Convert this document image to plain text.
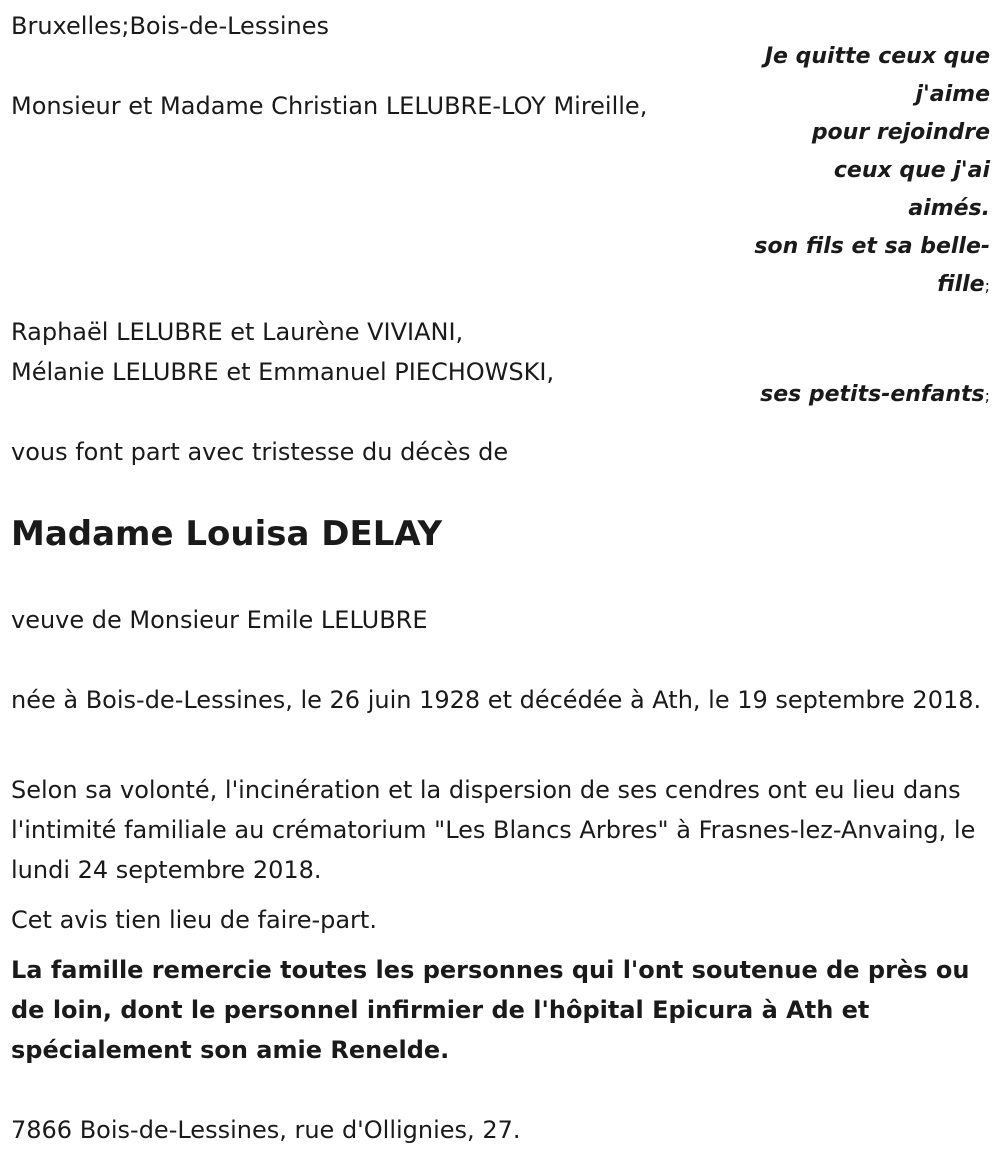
Bruxelles;Bois-de-Lessines

Je quitte ceux que
j'aime
pour rejoindre
ceux que j'ai
aimés.
son fils et sa belle-
fille;

Monsieur et Madame Christian LELUBRE-LOY Mireille,

Raphaël LELUBRE et Laurène VIVIANI,

Mélanie LELUBRE et Emmanuel PIECHOWSKI,

ses petits-enfants;

vous font part avec tristesse du décès de

Madame Louisa DELAY

veuve de Monsieur Emile LELUBRE

née à Bois-de-Lessines, le 26 juin 1928 et décédée à Ath, le 19 septembre 2018.

Selon sa volonté, l'incinération et la dispersion de ses cendres ont eu lieu dans l'intimité familiale au crématorium "Les Blancs Arbres" à Frasnes-lez-Anvaing, le lundi 24 septembre 2018.

Cet avis tien lieu de faire-part.

La famille remercie toutes les personnes qui l'ont soutenue de près ou de loin, dont le personnel infirmier de l'hôpital Epicura à Ath et spécialement son amie Renelde.

7866 Bois-de-Lessines, rue d'Ollignies, 27.
